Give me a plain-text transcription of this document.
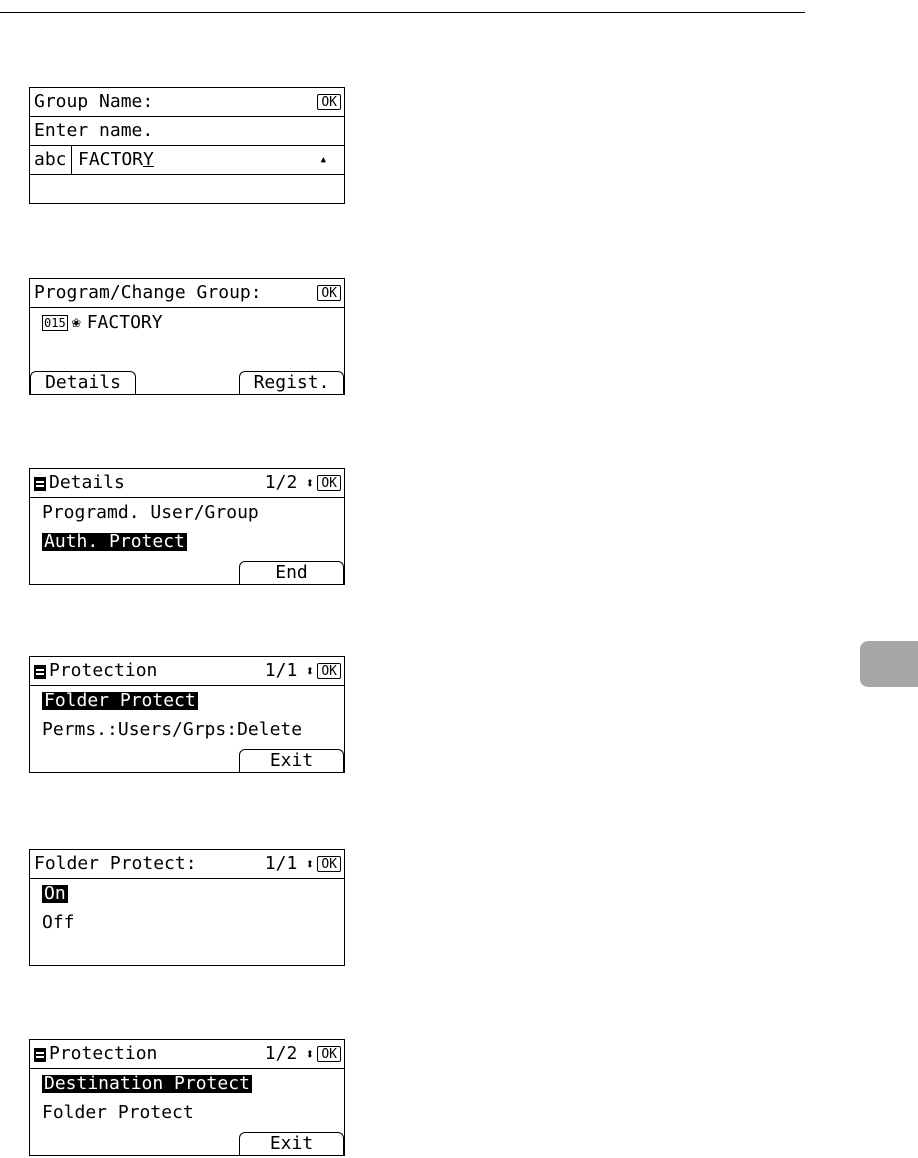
Group Name:	OK
Enter name.
abc FACTORY	▲
Program/Change Group:	OK
015 ❀ FACTORY
Details	Regist.
Details	1/2 ⬍ OK
Programd. User/Group
Auth. Protect
End
Protection	1/1 ⬍ OK
Folder Protect
Perms.:Users/Grps:Delete
Exit
Folder Protect:	1/1 ⬍ OK
On
Off
Protection	1/2 ⬍ OK
Destination Protect
Folder Protect
Exit
